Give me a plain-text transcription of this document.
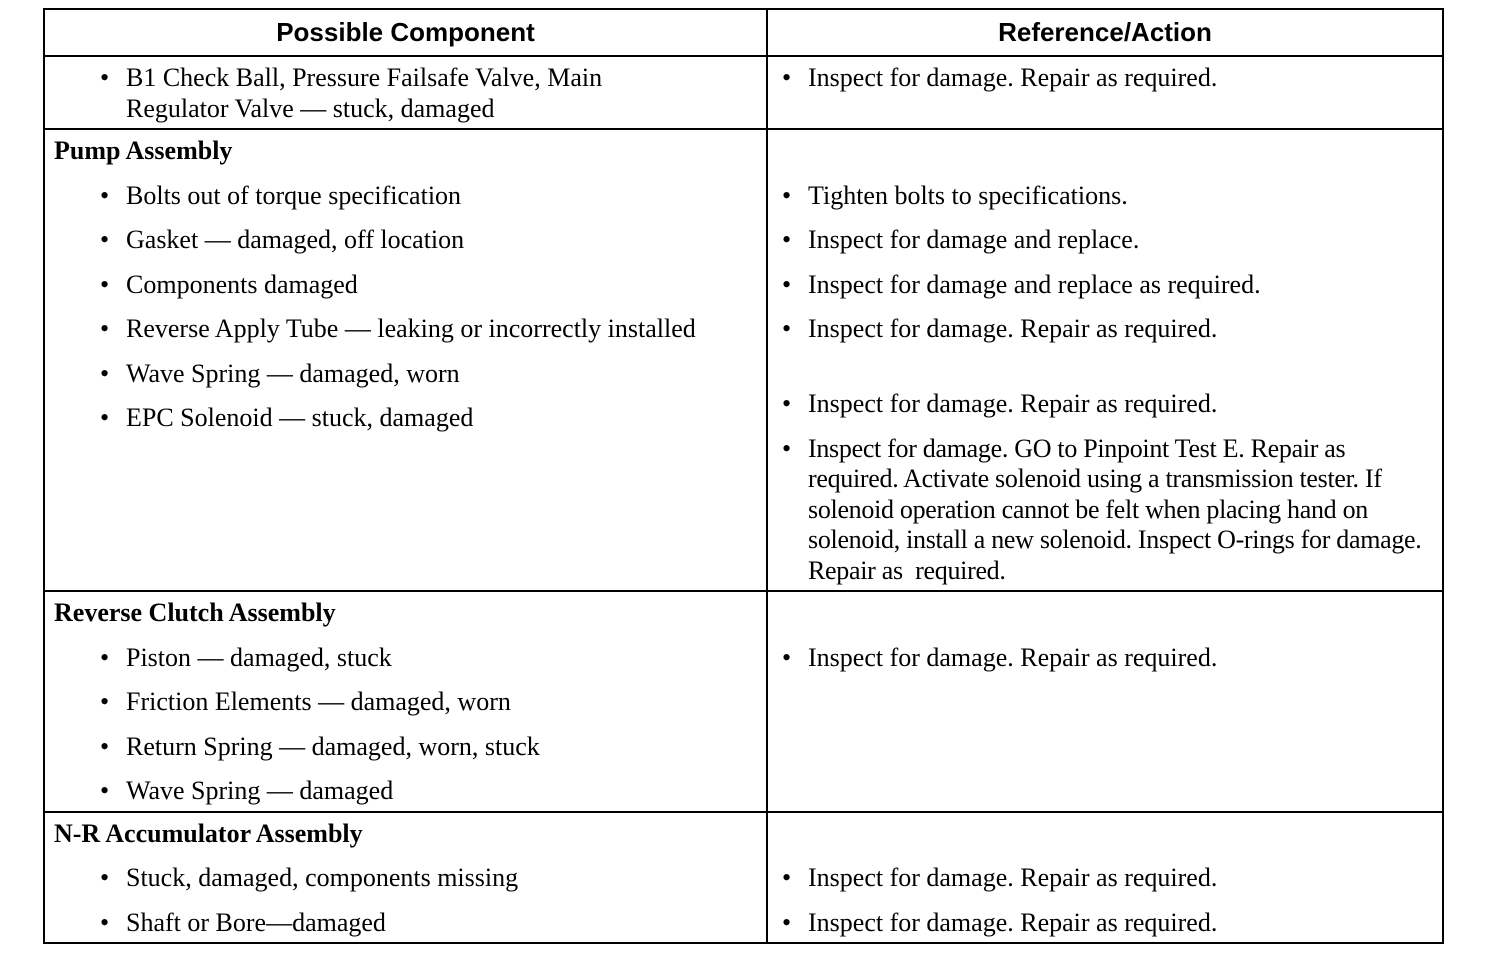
Possible Component	Reference/Action
• B1 Check Ball, Pressure Failsafe Valve, Main Regulator Valve — stuck, damaged
• Inspect for damage. Repair as required.
Pump Assembly
• Bolts out of torque specification
• Gasket — damaged, off location
• Components damaged
• Reverse Apply Tube — leaking or incorrectly installed
• Wave Spring — damaged, worn
• EPC Solenoid — stuck, damaged
• Tighten bolts to specifications.
• Inspect for damage and replace.
• Inspect for damage and replace as required.
• Inspect for damage. Repair as required.
• Inspect for damage. Repair as required.
• Inspect for damage. GO to Pinpoint Test E. Repair as required. Activate solenoid using a transmission tester. If solenoid operation cannot be felt when placing hand on solenoid, install a new solenoid. Inspect O-rings for damage. Repair as  required.
Reverse Clutch Assembly
• Piston — damaged, stuck
• Friction Elements — damaged, worn
• Return Spring — damaged, worn, stuck
• Wave Spring — damaged
• Inspect for damage. Repair as required.
N-R Accumulator Assembly
• Stuck, damaged, components missing
• Shaft or Bore—damaged
• Inspect for damage. Repair as required.
• Inspect for damage. Repair as required.
